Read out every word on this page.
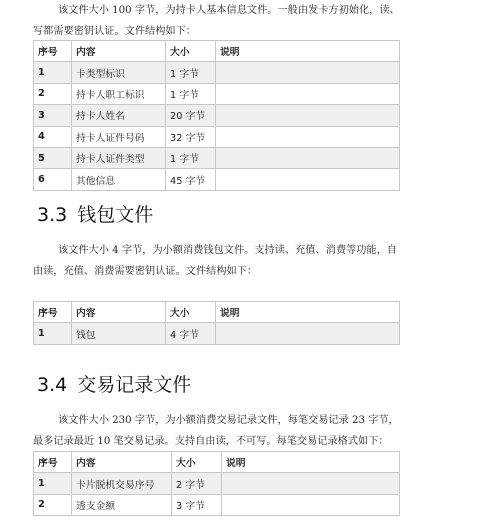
该文件大小 100 字节，为持卡人基本信息文件。一般由发卡方初始化，读、
写都需要密钥认证。文件结构如下：

序号	内容	大小	说明
1	卡类型标识	1 字节	
2	持卡人职工标识	1 字节	
3	持卡人姓名	20 字节	
4	持卡人证件号码	32 字节	
5	持卡人证件类型	1 字节	
6	其他信息	45 字节	
3.3 钱包文件

该文件大小 4 字节，为小额消费钱包文件。支持读、充值、消费等功能，自
由读，充值、消费需要密钥认证。文件结构如下：

序号	内容	大小	说明
1	钱包	4 字节	
3.4 交易记录文件

该文件大小 230 字节，为小额消费交易记录文件，每笔交易记录 23 字节，
最多记录最近 10 笔交易记录。支持自由读，不可写。每笔交易记录格式如下：

序号	内容	大小	说明
1	卡片脱机交易序号	2 字节	
2	透支金额	3 字节	
